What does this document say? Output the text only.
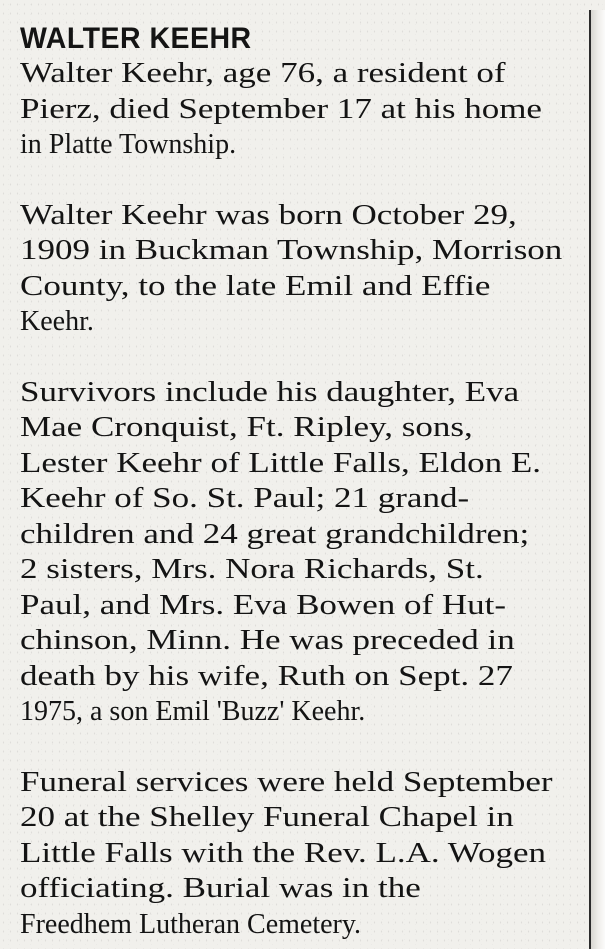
WALTER KEEHR

Walter Keehr, age 76, a resident of
Pierz, died September 17 at his home
in Platte Township.

Walter Keehr was born October 29,
1909 in Buckman Township, Morrison
County, to the late Emil and Effie
Keehr.

Survivors include his daughter, Eva
Mae Cronquist, Ft. Ripley, sons,
Lester Keehr of Little Falls, Eldon E.
Keehr of So. St. Paul; 21 grand-
children and 24 great grandchildren;
2 sisters, Mrs. Nora Richards, St.
Paul, and Mrs. Eva Bowen of Hut-
chinson, Minn. He was preceded in
death by his wife, Ruth on Sept. 27
1975, a son Emil 'Buzz' Keehr.

Funeral services were held September
20 at the Shelley Funeral Chapel in
Little Falls with the Rev. L.A. Wogen
officiating. Burial was in the
Freedhem Lutheran Cemetery.
